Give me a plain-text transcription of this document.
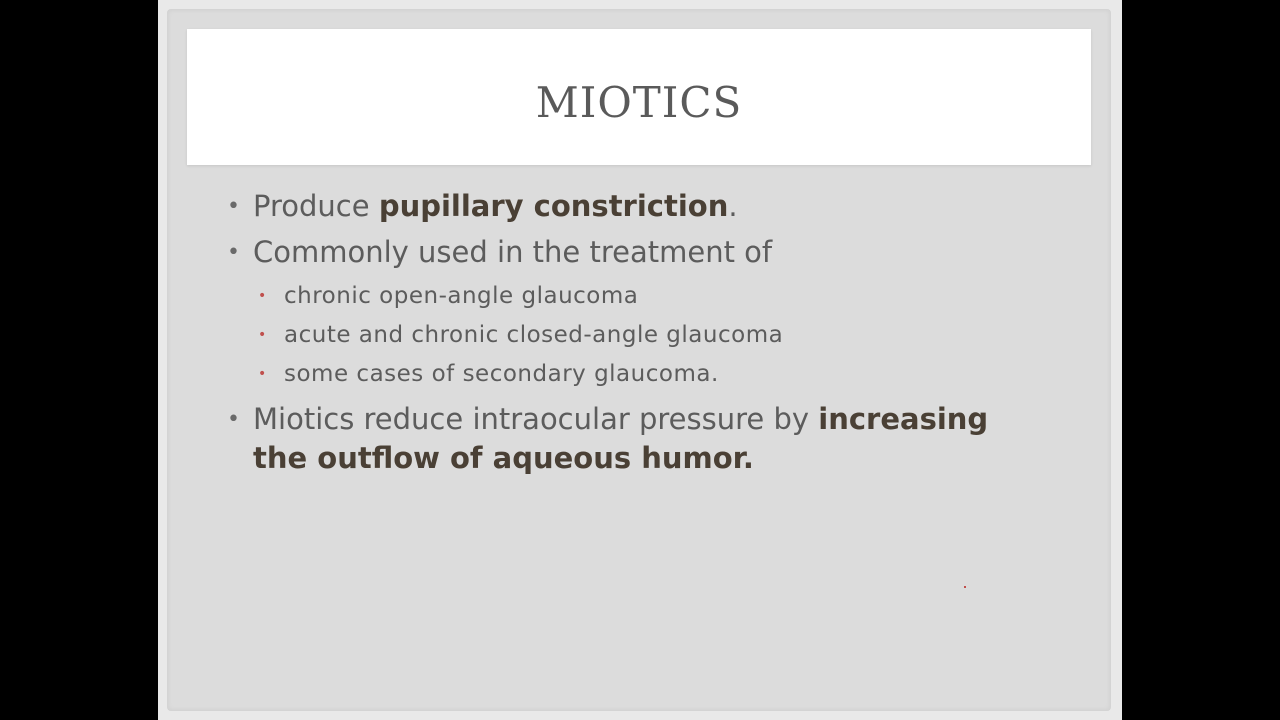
MIOTICS
• Produce pupillary constriction.
• Commonly used in the treatment of
• chronic open-angle glaucoma
• acute and chronic closed-angle glaucoma
• some cases of secondary glaucoma.
• Miotics reduce intraocular pressure by increasing the outflow of aqueous humor.
